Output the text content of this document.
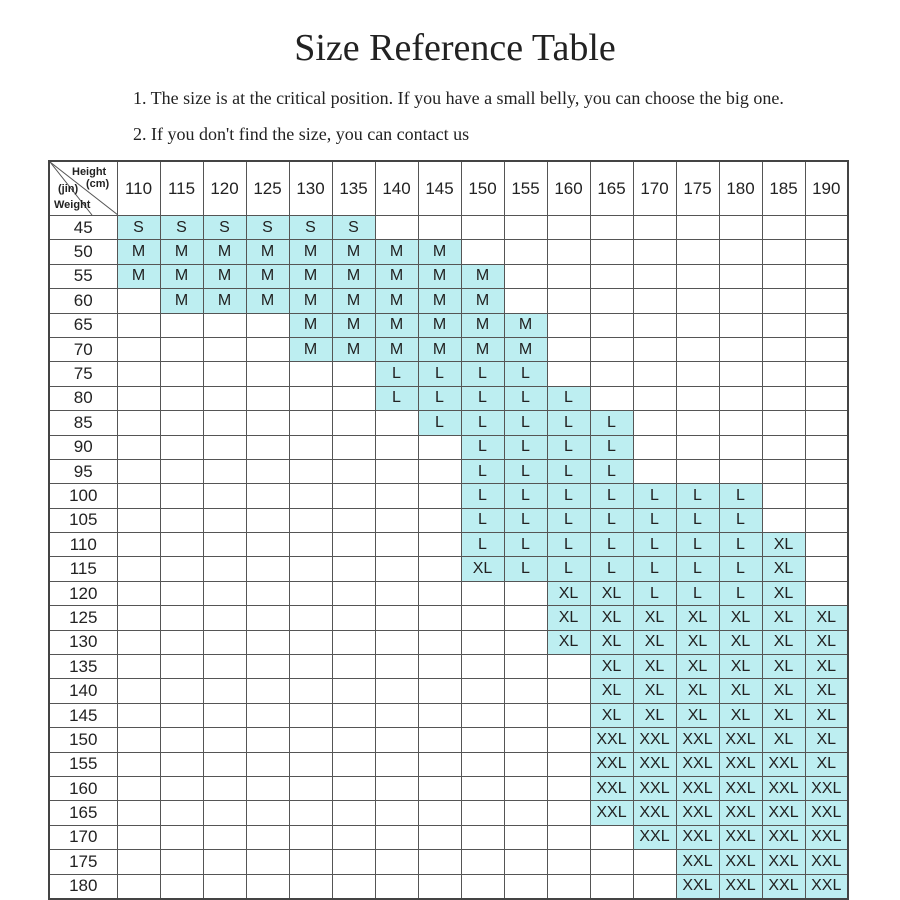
Size Reference Table
1. The size is at the critical position. If you have a small belly, you can choose the big one.
2. If you don't find the size, you can contact us
Height
(cm)
(jin)
Weight	110	115	120	125	130	135	140	145	150	155	160	165	170	175	180	185	190
45	S	S	S	S	S	S											
50	M	M	M	M	M	M	M	M									
55	M	M	M	M	M	M	M	M	M								
60		M	M	M	M	M	M	M	M								
65					M	M	M	M	M	M							
70					M	M	M	M	M	M							
75							L	L	L	L							
80							L	L	L	L	L						
85								L	L	L	L	L					
90									L	L	L	L					
95									L	L	L	L					
100									L	L	L	L	L	L	L		
105									L	L	L	L	L	L	L		
110									L	L	L	L	L	L	L	XL	
115									XL	L	L	L	L	L	L	XL	
120											XL	XL	L	L	L	XL	
125											XL	XL	XL	XL	XL	XL	XL
130											XL	XL	XL	XL	XL	XL	XL
135												XL	XL	XL	XL	XL	XL
140												XL	XL	XL	XL	XL	XL
145												XL	XL	XL	XL	XL	XL
150												XXL	XXL	XXL	XXL	XL	XL
155												XXL	XXL	XXL	XXL	XXL	XL
160												XXL	XXL	XXL	XXL	XXL	XXL
165												XXL	XXL	XXL	XXL	XXL	XXL
170													XXL	XXL	XXL	XXL	XXL
175														XXL	XXL	XXL	XXL
180														XXL	XXL	XXL	XXL
